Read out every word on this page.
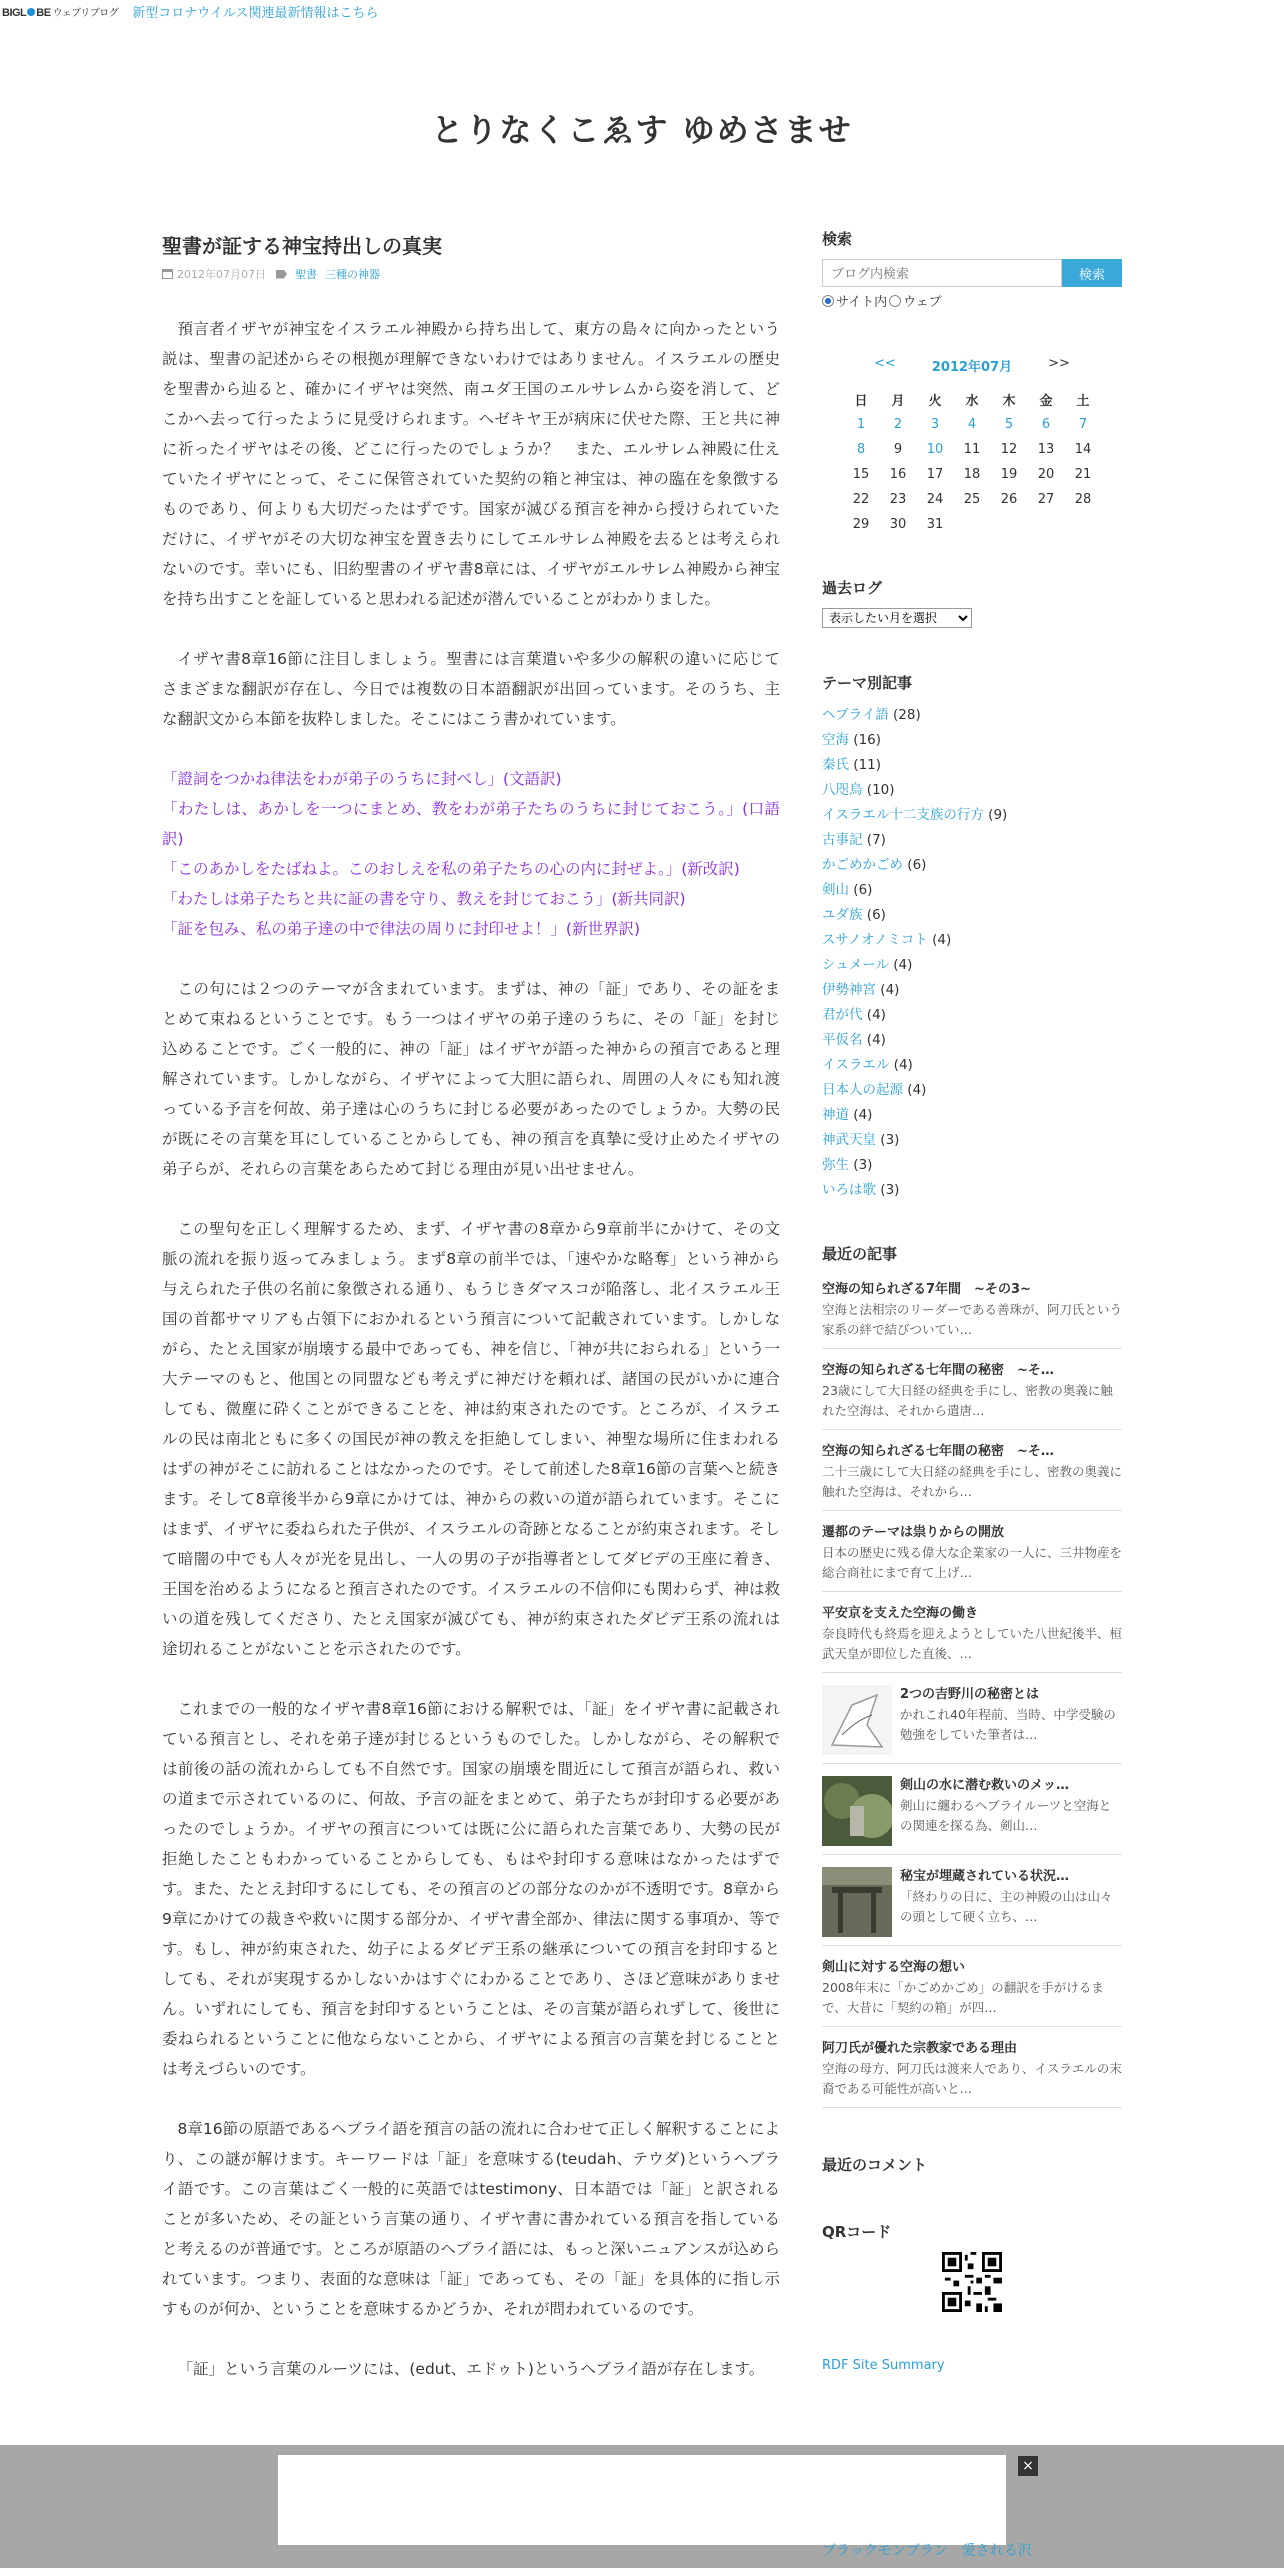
BIGL BE ウェブリブログ 新型コロナウイルス関連最新情報はこちら
とりなくこゑす ゆめさませ
聖書が証する神宝持出しの真実
2012年07月07日	聖書 三種の神器

預言者イザヤが神宝をイスラエル神殿から持ち出して、東方の島々に向かったという説は、聖書の記述からその根拠が理解できないわけではありません。イスラエルの歴史を聖書から辿ると、確かにイザヤは突然、南ユダ王国のエルサレムから姿を消して、どこかへ去って行ったように見受けられます。ヘゼキヤ王が病床に伏せた際、王と共に神に祈ったイザヤはその後、どこに行ったのでしょうか？　また、エルサレム神殿に仕えていたイザヤにとって、そこに保管されていた契約の箱と神宝は、神の臨在を象徴するものであり、何よりも大切だったはずです。国家が滅びる預言を神から授けられていただけに、イザヤがその大切な神宝を置き去りにしてエルサレム神殿を去るとは考えられないのです。幸いにも、旧約聖書のイザヤ書8章には、イザヤがエルサレム神殿から神宝を持ち出すことを証していると思われる記述が潜んでいることがわかりました。

イザヤ書8章16節に注目しましょう。聖書には言葉遣いや多少の解釈の違いに応じてさまざまな翻訳が存在し、今日では複数の日本語翻訳が出回っています。そのうち、主な翻訳文から本節を抜粋しました。そこにはこう書かれています。

「證詞をつかね律法をわが弟子のうちに封べし」(文語訳)
「わたしは、あかしを一つにまとめ、教をわが弟子たちのうちに封じておこう。」(口語訳)
「このあかしをたばねよ。このおしえを私の弟子たちの心の内に封ぜよ。」(新改訳)
「わたしは弟子たちと共に証の書を守り、教えを封じておこう」(新共同訳)
「証を包み、私の弟子達の中で律法の周りに封印せよ！」(新世界訳)

この句には２つのテーマが含まれています。まずは、神の「証」であり、その証をまとめて束ねるということです。もう一つはイザヤの弟子達のうちに、その「証」を封じ込めることです。ごく一般的に、神の「証」はイザヤが語った神からの預言であると理解されています。しかしながら、イザヤによって大胆に語られ、周囲の人々にも知れ渡っている予言を何故、弟子達は心のうちに封じる必要があったのでしょうか。大勢の民が既にその言葉を耳にしていることからしても、神の預言を真摯に受け止めたイザヤの弟子らが、それらの言葉をあらためて封じる理由が見い出せません。

この聖句を正しく理解するため、まず、イザヤ書の8章から9章前半にかけて、その文脈の流れを振り返ってみましょう。まず8章の前半では、「速やかな略奪」という神から与えられた子供の名前に象徴される通り、もうじきダマスコが陥落し、北イスラエル王国の首都サマリアも占領下におかれるという預言について記載されています。しかしながら、たとえ国家が崩壊する最中であっても、神を信じ、「神が共におられる」という一大テーマのもと、他国との同盟なども考えずに神だけを頼れば、諸国の民がいかに連合しても、微塵に砕くことができることを、神は約束されたのです。ところが、イスラエルの民は南北ともに多くの国民が神の教えを拒絶してしまい、神聖な場所に住まわれるはずの神がそこに訪れることはなかったのです。そして前述した8章16節の言葉へと続きます。そして8章後半から9章にかけては、神からの救いの道が語られています。そこにはまず、イザヤに委ねられた子供が、イスラエルの奇跡となることが約束されます。そして暗闇の中でも人々が光を見出し、一人の男の子が指導者としてダビデの王座に着き、王国を治めるようになると預言されたのです。イスラエルの不信仰にも関わらず、神は救いの道を残してくださり、たとえ国家が滅びても、神が約束されたダビデ王系の流れは途切れることがないことを示されたのです。

これまでの一般的なイザヤ書8章16節における解釈では、「証」をイザヤ書に記載されている預言とし、それを弟子達が封じるというものでした。しかしながら、その解釈では前後の話の流れからしても不自然です。国家の崩壊を間近にして預言が語られ、救いの道まで示されているのに、何故、予言の証をまとめて、弟子たちが封印する必要があったのでしょうか。イザヤの預言については既に公に語られた言葉であり、大勢の民が拒絶したこともわかっていることからしても、もはや封印する意味はなかったはずです。また、たとえ封印するにしても、その預言のどの部分なのかが不透明です。8章から9章にかけての裁きや救いに関する部分か、イザヤ書全部か、律法に関する事項か、等です。もし、神が約束された、幼子によるダビデ王系の継承についての預言を封印するとしても、それが実現するかしないかはすぐにわかることであり、さほど意味がありません。いずれにしても、預言を封印するということは、その言葉が語られずして、後世に委ねられるということに他ならないことから、イザヤによる預言の言葉を封じることとは考えづらいのです。

8章16節の原語であるヘブライ語を預言の話の流れに合わせて正しく解釈することにより、この謎が解けます。キーワードは「証」を意味する(teudah、テウダ)というヘブライ語です。この言葉はごく一般的に英語ではtestimony、日本語では「証」と訳されることが多いため、その証という言葉の通り、イザヤ書に書かれている預言を指していると考えるのが普通です。ところが原語のヘブライ語には、もっと深いニュアンスが込められています。つまり、表面的な意味は「証」であっても、その「証」を具体的に指し示すものが何か、ということを意味するかどうか、それが問われているのです。

「証」という言葉のルーツには、(edut、エドゥト)というヘブライ語が存在します。

検索
ブログ内検索
検索
サイト内 ウェブ
<<	2012年07月	>>
日	月	火	水	木	金	土
1	2	3	4	5	6	7
8	9	10	11	12	13	14
15	16	17	18	19	20	21
22	23	24	25	26	27	28
29	30	31				
過去ログ
表示したい月を選択
テーマ別記事
ヘブライ語 (28)
空海 (16)
秦氏 (11)
八咫烏 (10)
イスラエル十二支族の行方 (9)
古事記 (7)
かごめかごめ (6)
剣山 (6)
ユダ族 (6)
スサノオノミコト (4)
シュメール (4)
伊勢神宮 (4)
君が代 (4)
平仮名 (4)
イスラエル (4)
日本人の起源 (4)
神道 (4)
神武天皇 (3)
弥生 (3)
いろは歌 (3)
最近の記事
空海の知られざる7年間　~その3~
空海と法相宗のリーダーである善珠が、阿刀氏という家系の絆で結びついてい…
空海の知られざる七年間の秘密　~そ…
23歳にして大日経の経典を手にし、密教の奥義に触れた空海は、それから遣唐…
空海の知られざる七年間の秘密　~そ…
二十三歳にして大日経の経典を手にし、密教の奥義に触れた空海は、それから…
遷都のテーマは祟りからの開放
日本の歴史に残る偉大な企業家の一人に、三井物産を総合商社にまで育て上げ…
平安京を支えた空海の働き
奈良時代も終焉を迎えようとしていた八世紀後半、桓武天皇が即位した直後、…
2つの吉野川の秘密とは
かれこれ40年程前、当時、中学受験の勉強をしていた筆者は…
剣山の水に潜む救いのメッ…
剣山に纏わるヘブライルーツと空海との関連を探る為、剣山…
秘宝が埋蔵されている状況…
「終わりの日に、主の神殿の山は山々の頭として硬く立ち、…
剣山に対する空海の想い
2008年末に「かごめかごめ」の翻訳を手がけるまで、大昔に「契約の箱」が四…
阿刀氏が優れた宗教家である理由
空海の母方、阿刀氏は渡来人であり、イスラエルの末裔である可能性が高いと…
最近のコメント
QRコード
RDF Site Summary
×
ブラックモンブラン　愛される沢
